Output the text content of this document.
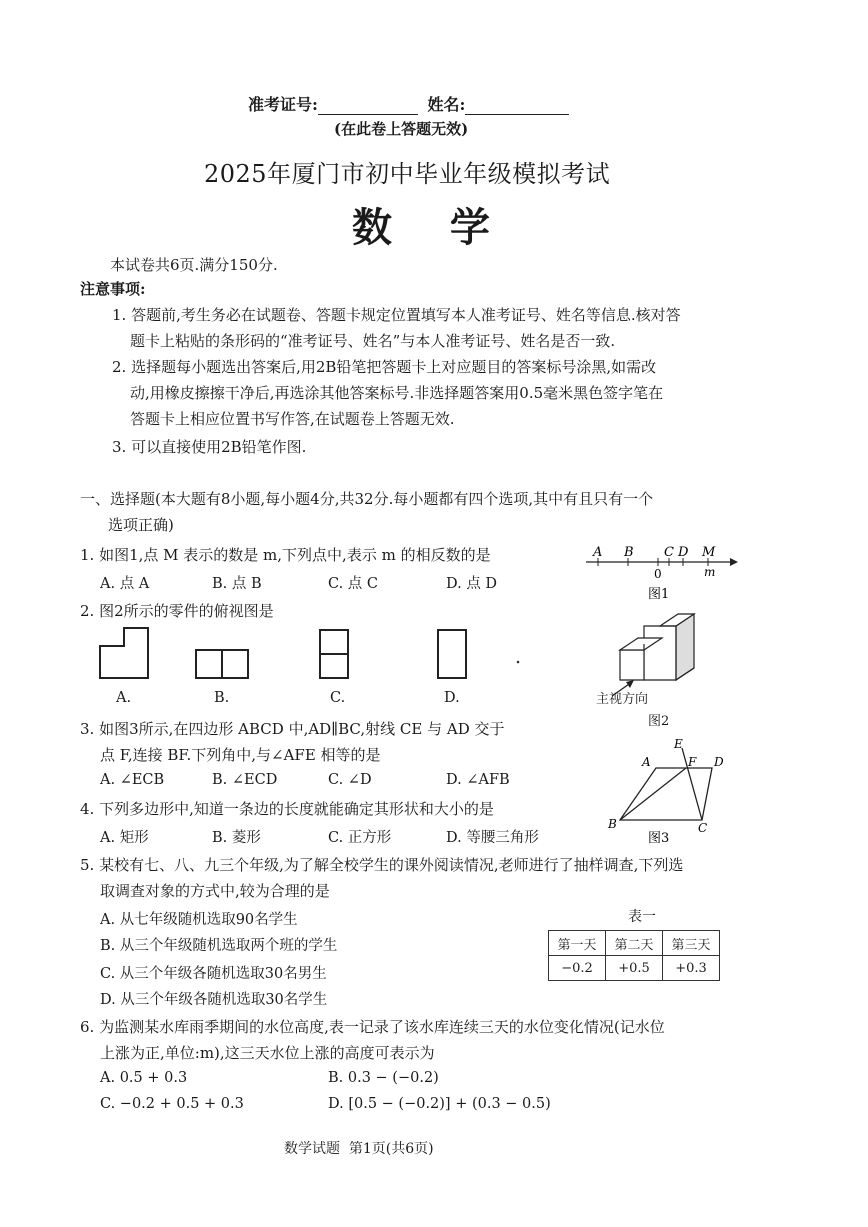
准考证号:	姓名:
(在此卷上答题无效)
2025年厦门市初中毕业年级模拟考试
数  学
本试卷共6页.满分150分.
注意事项:
1. 答题前,考生务必在试题卷、答题卡规定位置填写本人准考证号、姓名等信息.核对答
题卡上粘贴的条形码的“准考证号、姓名”与本人准考证号、姓名是否一致.
2. 选择题每小题选出答案后,用2B铅笔把答题卡上对应题目的答案标号涂黑,如需改
动,用橡皮擦擦干净后,再选涂其他答案标号.非选择题答案用0.5毫米黑色签字笔在
答题卡上相应位置书写作答,在试题卷上答题无效.
3. 可以直接使用2B铅笔作图.
一、选择题(本大题有8小题,每小题4分,共32分.每小题都有四个选项,其中有且只有一个
选项正确)
1. 如图1,点 M 表示的数是 m,下列点中,表示 m 的相反数的是
A. 点 A	B. 点 B	C. 点 C	D. 点 D
A B C D M
0	m
图1
2. 图2所示的零件的俯视图是
A.	B.	C.	D.	主视方向
图2
3. 如图3所示,在四边形 ABCD 中,AD∥BC,射线 CE 与 AD 交于
点 F,连接 BF.下列角中,与∠AFE 相等的是
A. ∠ECB	B. ∠ECD	C. ∠D	D. ∠AFB
A
E
F D
B	C
图3
4. 下列多边形中,知道一条边的长度就能确定其形状和大小的是
A. 矩形	B. 菱形	C. 正方形	D. 等腰三角形
5. 某校有七、八、九三个年级,为了解全校学生的课外阅读情况,老师进行了抽样调查,下列选
取调查对象的方式中,较为合理的是
A. 从七年级随机选取90名学生
B. 从三个年级随机选取两个班的学生
C. 从三个年级各随机选取30名男生
D. 从三个年级各随机选取30名学生
表一
第一天	第二天	第三天
−0.2	+0.5	+0.3
6. 为监测某水库雨季期间的水位高度,表一记录了该水库连续三天的水位变化情况(记水位
上涨为正,单位:m),这三天水位上涨的高度可表示为
A. 0.5 + 0.3	B. 0.3 − (−0.2)
C. −0.2 + 0.5 + 0.3	D. [0.5 − (−0.2)] + (0.3 − 0.5)
数学试题  第1页(共6页)
